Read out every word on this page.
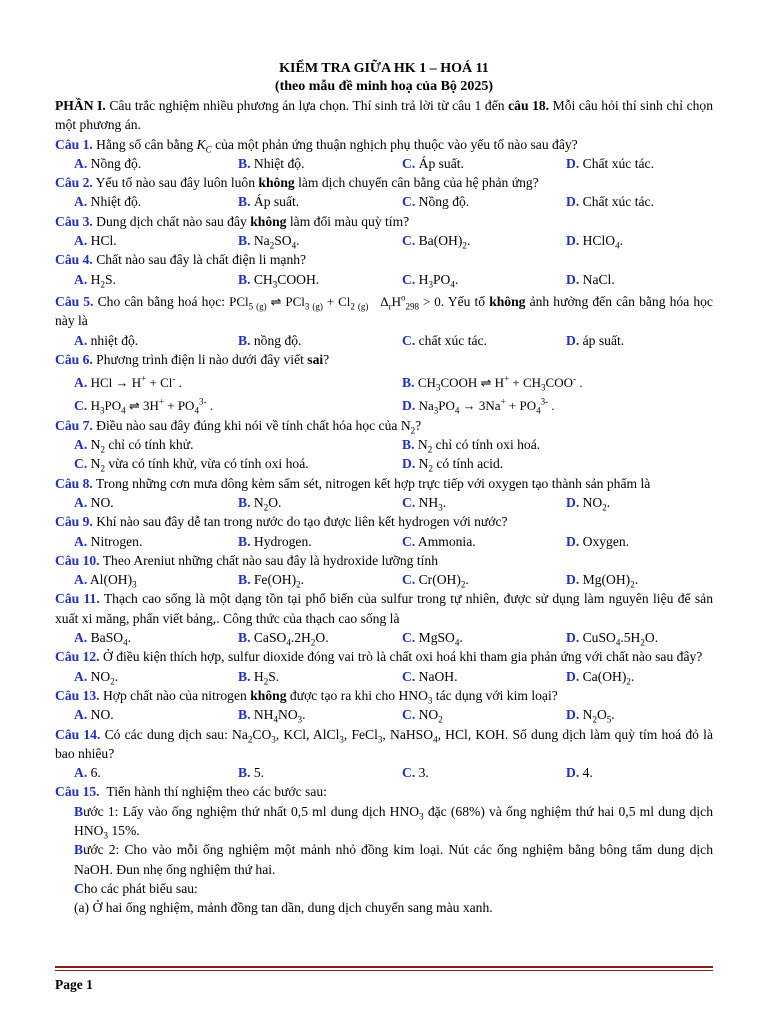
KIỂM TRA GIỮA HK 1 – HOÁ 11
(theo mẫu đề minh hoạ của Bộ 2025)

PHẦN I. Câu trắc nghiệm nhiều phương án lựa chọn. Thí sinh trả lời từ câu 1 đến câu 18. Mỗi câu hỏi thí sinh chỉ chọn một phương án.

Câu 1. Hằng số cân bằng $K_C$ của một phản ứng thuận nghịch phụ thuộc vào yếu tố nào sau đây?

A. Nồng độ.	B. Nhiệt độ.	C. Áp suất.	D. Chất xúc tác.

Câu 2. Yếu tố nào sau đây luôn luôn không làm dịch chuyển cân bằng của hệ phản ứng?

A. Nhiệt độ.	B. Áp suất.	C. Nồng độ.	D. Chất xúc tác.

Câu 3. Dung dịch chất nào sau đây không làm đổi màu quỳ tím?

A. HCl.	B. $Na_2SO_4$.	C. $Ba(OH)_2$.	D. HClO$_4$.

Câu 4. Chất nào sau đây là chất điện li mạnh?

A. $H_2S$.	B. $CH_3COOH$.	C. $H_3PO_4$.	D. NaCl.

Câu 5. Cho cân bằng hoá học: PCl$_{5 (g)}$ ⇌ $PCl_{3 (g)} + Cl_{2 (g)}$   $\Delta_rH^o_{298} > 0$. Yếu tố không ảnh hưởng đến cân bằng hóa học này là

A. nhiệt độ.	B. nồng độ.	C. chất xúc tác.	D. áp suất.

Câu 6. Phương trình điện li nào dưới đây viết sai?

A. HCl → H+ + Cl- .	B. $CH_3COOH$ ⇌ $H^+ + CH_3COO^-$ .
C. $H_3PO_4$ ⇌ $3H^+ + PO_4^{3-}$ .	D. $Na_3PO_4 \to 3Na^+ + PO_4^{3-}$ .

Câu 7. Điều nào sau đây đúng khi nói về tính chất hóa học của $N_2$?

A. $N_2$ chỉ có tính khử.	B. $N_2$ chỉ có tính oxi hoá.
C. $N_2$ vừa có tính khử, vừa có tính oxi hoá.	D. $N_2$ có tính acid.

Câu 8. Trong những cơn mưa dông kèm sấm sét, nitrogen kết hợp trực tiếp với oxygen tạo thành sản phẩm là

A. NO.	B. $N_2O$.	C. $NH_3$.	D. $NO_2$.

Câu 9. Khí nào sau đây dễ tan trong nước do tạo được liên kết hydrogen với nước?

A. Nitrogen.	B. Hydrogen.	C. Ammonia.	D. Oxygen.

Câu 10. Theo Areniut những chất nào sau đây là hydroxide lưỡng tính

A. $Al(OH)_3$	B. $Fe(OH)_2$.	C. $Cr(OH)_2$.	D. $Mg(OH)_2$.

Câu 11. Thạch cao sống là một dạng tồn tại phổ biến của sulfur trong tự nhiên, được sử dụng làm nguyên liệu để sản xuất xi măng, phấn viết bảng,. Công thức của thạch cao sống là

A. BaSO$_4$.	B. $CaSO_4.2H_2O$.	C. MgSO$_4$.	D. $CuSO_4.5H_2O$.

Câu 12. Ở điều kiện thích hợp, sulfur dioxide đóng vai trò là chất oxi hoá khi tham gia phản ứng với chất nào sau đây?

A. $NO_2$.	B. $H_2S$.	C. NaOH.	D. $Ca(OH)_2$.

Câu 13. Hợp chất nào của nitrogen không được tạo ra khi cho $HNO_3$ tác dụng với kim loại?

A. NO.	B. $NH_4NO_3$.	C. $NO_2$	D. $N_2O_5$.

Câu 14. Có các dung dịch sau: $Na_2CO_3$, KCl, AlCl$_3$, FeCl$_3$, NaHSO$_4$, HCl, KOH. Số dung dịch làm quỳ tím hoá đỏ là bao nhiêu?

A. 6.	B. 5.	C. 3.	D. 4.

Câu 15. Tiến hành thí nghiệm theo các bước sau:

Bước 1: Lấy vào ống nghiệm thứ nhất 0,5 ml dung dịch $HNO_3$ đặc (68%) và ống nghiệm thứ hai 0,5 ml dung dịch $HNO_3$ 15%.

Bước 2: Cho vào mỗi ống nghiệm một mảnh nhỏ đồng kim loại. Nút các ống nghiệm bằng bông tẩm dung dịch NaOH. Đun nhẹ ống nghiệm thứ hai.

Cho các phát biểu sau:

(a) Ở hai ống nghiệm, mảnh đồng tan dần, dung dịch chuyển sang màu xanh.

Page 1
